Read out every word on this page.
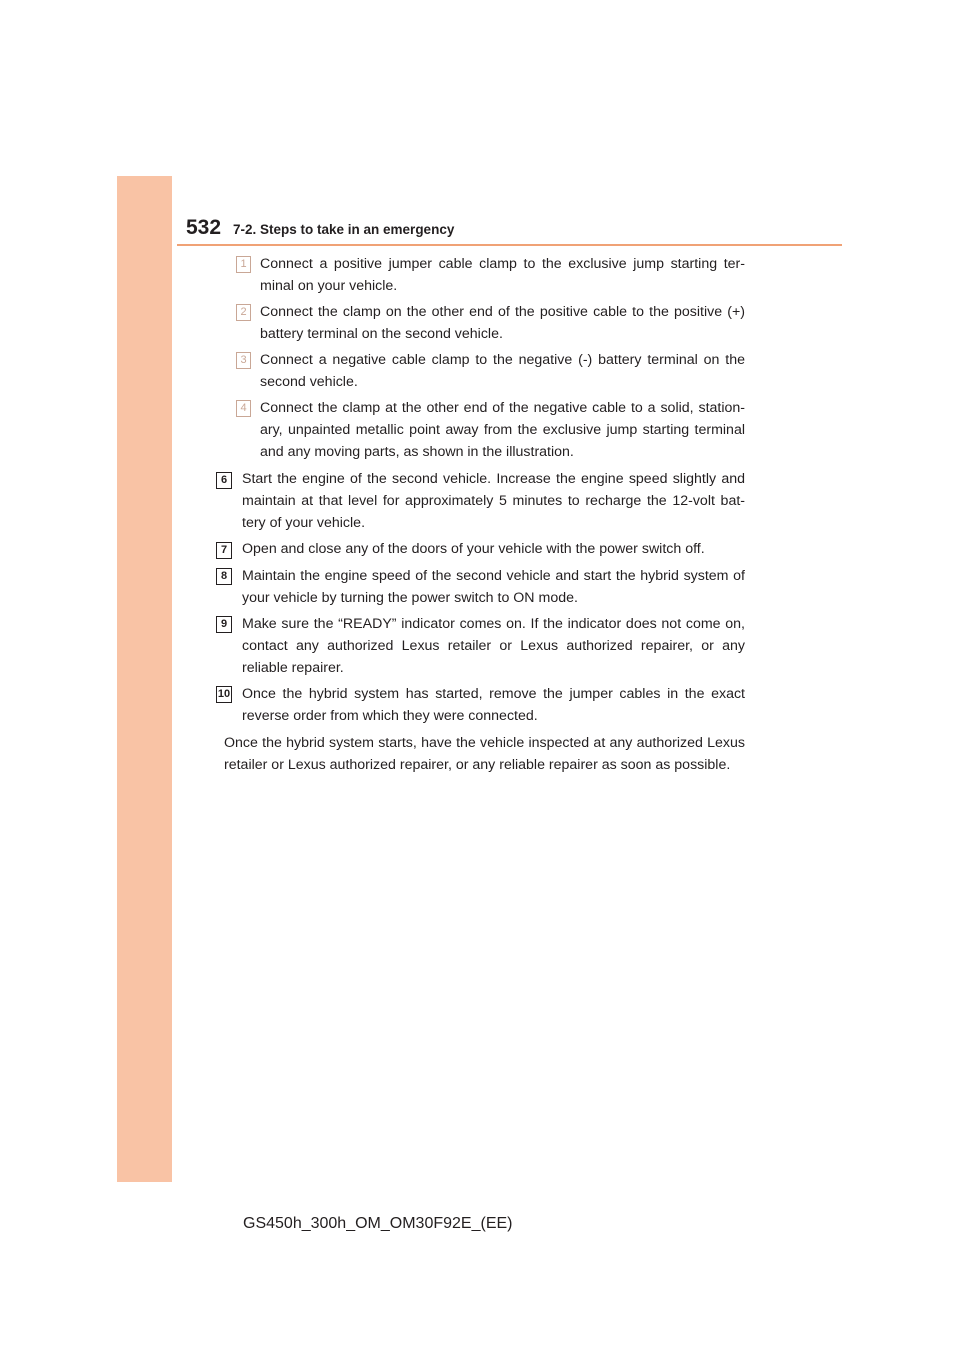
532 7-2. Steps to take in an emergency
1 Connect a positive jumper cable clamp to the exclusive jump starting ter-minal on your vehicle.
2 Connect the clamp on the other end of the positive cable to the positive (+) battery terminal on the second vehicle.
3 Connect a negative cable clamp to the negative (-) battery terminal on the second vehicle.
4 Connect the clamp at the other end of the negative cable to a solid, station-ary, unpainted metallic point away from the exclusive jump starting terminal and any moving parts, as shown in the illustration.
6	Start the engine of the second vehicle. Increase the engine speed slightly and maintain at that level for approximately 5 minutes to recharge the 12-volt bat-tery of your vehicle.
7	Open and close any of the doors of your vehicle with the power switch off.
8	Maintain the engine speed of the second vehicle and start the hybrid system of your vehicle by turning the power switch to ON mode.
9	Make sure the “READY” indicator comes on. If the indicator does not come on, contact any authorized Lexus retailer or Lexus authorized repairer, or any reliable repairer.
10 Once the hybrid system has started, remove the jumper cables in the exact reverse order from which they were connected.
Once the hybrid system starts, have the vehicle inspected at any authorized Lexus retailer or Lexus authorized repairer, or any reliable repairer as soon as possible.
GS450h_300h_OM_OM30F92E_(EE)
